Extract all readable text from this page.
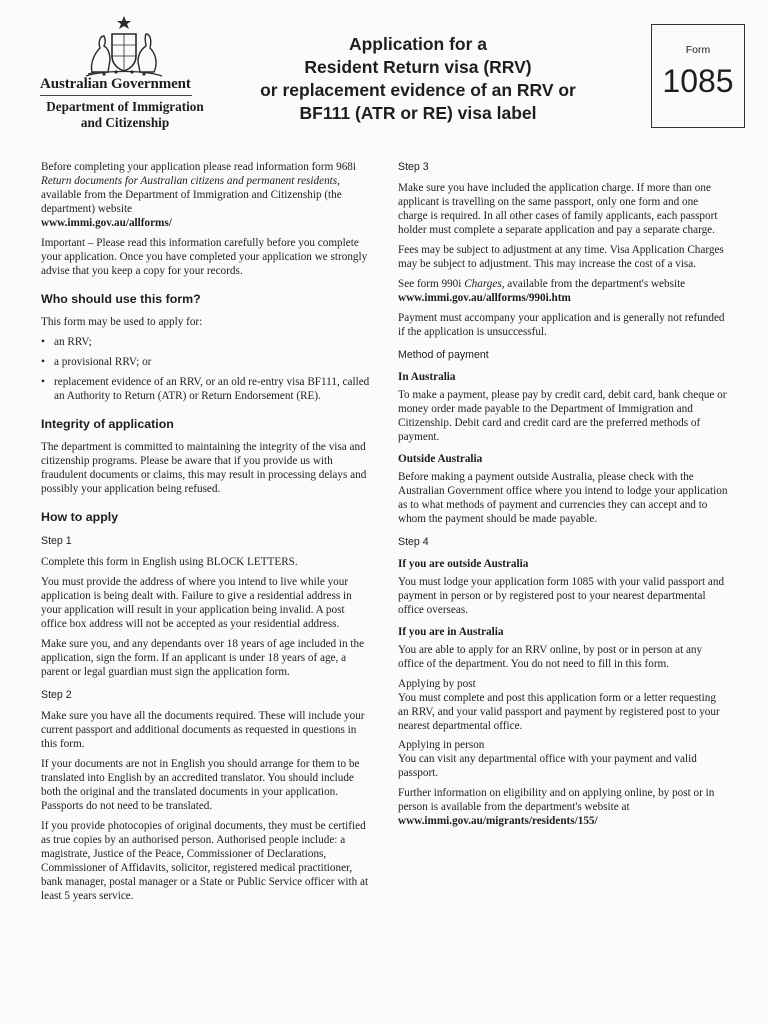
Australian Government
Department of Immigration
and Citizenship
Application for a
Resident Return visa (RRV)
or replacement evidence of an RRV or
BF111 (ATR or RE) visa label
Form
1085

Before completing your application please read information form 968i Return documents for Australian citizens and permanent residents, available from the Department of Immigration and Citizenship (the department) website
www.immi.gov.au/allforms/

Important – Please read this information carefully before you complete your application. Once you have completed your application we strongly advise that you keep a copy for your records.

Who should use this form?

This form may be used to apply for:

• an RRV;
• a provisional RRV; or
• replacement evidence of an RRV, or an old re-entry visa BF111, called an Authority to Return (ATR) or Return Endorsement (RE).
Integrity of application

The department is committed to maintaining the integrity of the visa and citizenship programs. Please be aware that if you provide us with fraudulent documents or claims, this may result in processing delays and possibly your application being refused.

How to apply
Step 1

Complete this form in English using BLOCK LETTERS.

You must provide the address of where you intend to live while your application is being dealt with. Failure to give a residential address in your application will result in your application being invalid. A post office box address will not be accepted as your residential address.

Make sure you, and any dependants over 18 years of age included in the application, sign the form. If an applicant is under 18 years of age, a parent or legal guardian must sign the application form.

Step 2

Make sure you have all the documents required. These will include your current passport and additional documents as requested in questions in this form.

If your documents are not in English you should arrange for them to be translated into English by an accredited translator. You should include both the original and the translated documents in your application. Passports do not need to be translated.

If you provide photocopies of original documents, they must be certified as true copies by an authorised person. Authorised people include: a magistrate, Justice of the Peace, Commissioner of Declarations, Commissioner of Affidavits, solicitor, registered medical practitioner, bank manager, postal manager or a State or Public Service officer with at least 5 years service.

Step 3

Make sure you have included the application charge. If more than one applicant is travelling on the same passport, only one form and one charge is required. In all other cases of family applicants, each passport holder must complete a separate application and pay a separate charge.

Fees may be subject to adjustment at any time. Visa Application Charges may be subject to adjustment. This may increase the cost of a visa.

See form 990i Charges, available from the department's website
www.immi.gov.au/allforms/990i.htm

Payment must accompany your application and is generally not refunded if the application is unsuccessful.

Method of payment
In Australia

To make a payment, please pay by credit card, debit card, bank cheque or money order made payable to the Department of Immigration and Citizenship. Debit card and credit card are the preferred methods of payment.

Outside Australia

Before making a payment outside Australia, please check with the Australian Government office where you intend to lodge your application as to what methods of payment and currencies they can accept and to whom the payment should be made payable.

Step 4
If you are outside Australia

You must lodge your application form 1085 with your valid passport and payment in person or by registered post to your nearest departmental office overseas.

If you are in Australia

You are able to apply for an RRV online, by post or in person at any office of the department. You do not need to fill in this form.

Applying by post
You must complete and post this application form or a letter requesting an RRV, and your valid passport and payment by registered post to your nearest departmental office.

Applying in person
You can visit any departmental office with your payment and valid passport.

Further information on eligibility and on applying online, by post or in person is available from the department's website at
www.immi.gov.au/migrants/residents/155/
